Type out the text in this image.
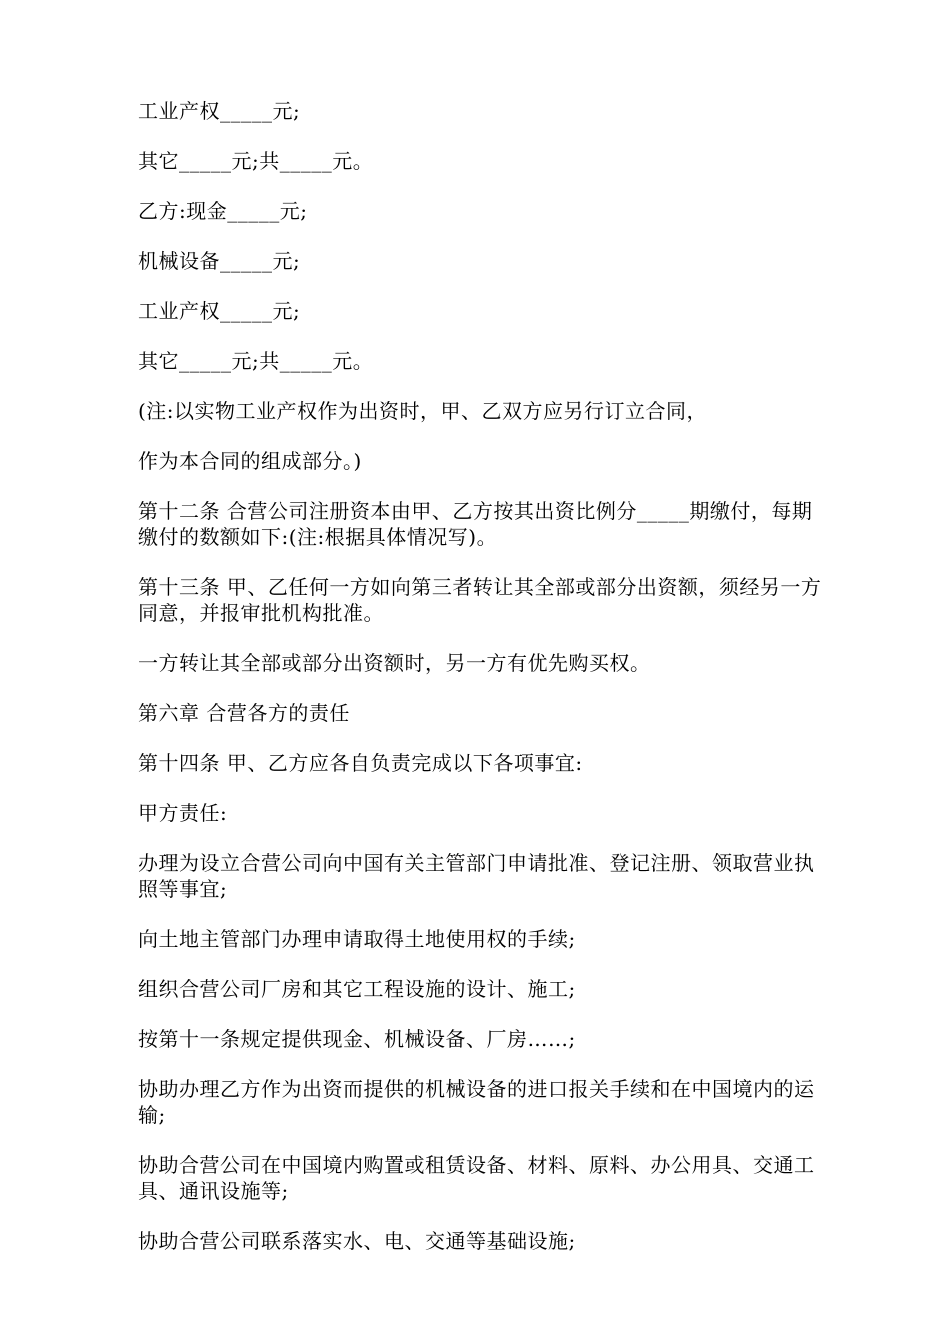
工业产权_____元;

其它_____元;共_____元。

乙方:现金_____元;

机械设备_____元;

工业产权_____元;

其它_____元;共_____元。

(注:以实物工业产权作为出资时，甲、乙双方应另行订立合同，

作为本合同的组成部分。)

第十二条 合营公司注册资本由甲、乙方按其出资比例分_____期缴付，每期缴付的数额如下:(注:根据具体情况写)。

第十三条 甲、乙任何一方如向第三者转让其全部或部分出资额，须经另一方同意，并报审批机构批准。

一方转让其全部或部分出资额时，另一方有优先购买权。

第六章 合营各方的责任

第十四条 甲、乙方应各自负责完成以下各项事宜:

甲方责任:

办理为设立合营公司向中国有关主管部门申请批准、登记注册、领取营业执照等事宜;

向土地主管部门办理申请取得土地使用权的手续;

组织合营公司厂房和其它工程设施的设计、施工;

按第十一条规定提供现金、机械设备、厂房……;

协助办理乙方作为出资而提供的机械设备的进口报关手续和在中国境内的运输;

协助合营公司在中国境内购置或租赁设备、材料、原料、办公用具、交通工具、通讯设施等;

协助合营公司联系落实水、电、交通等基础设施;
